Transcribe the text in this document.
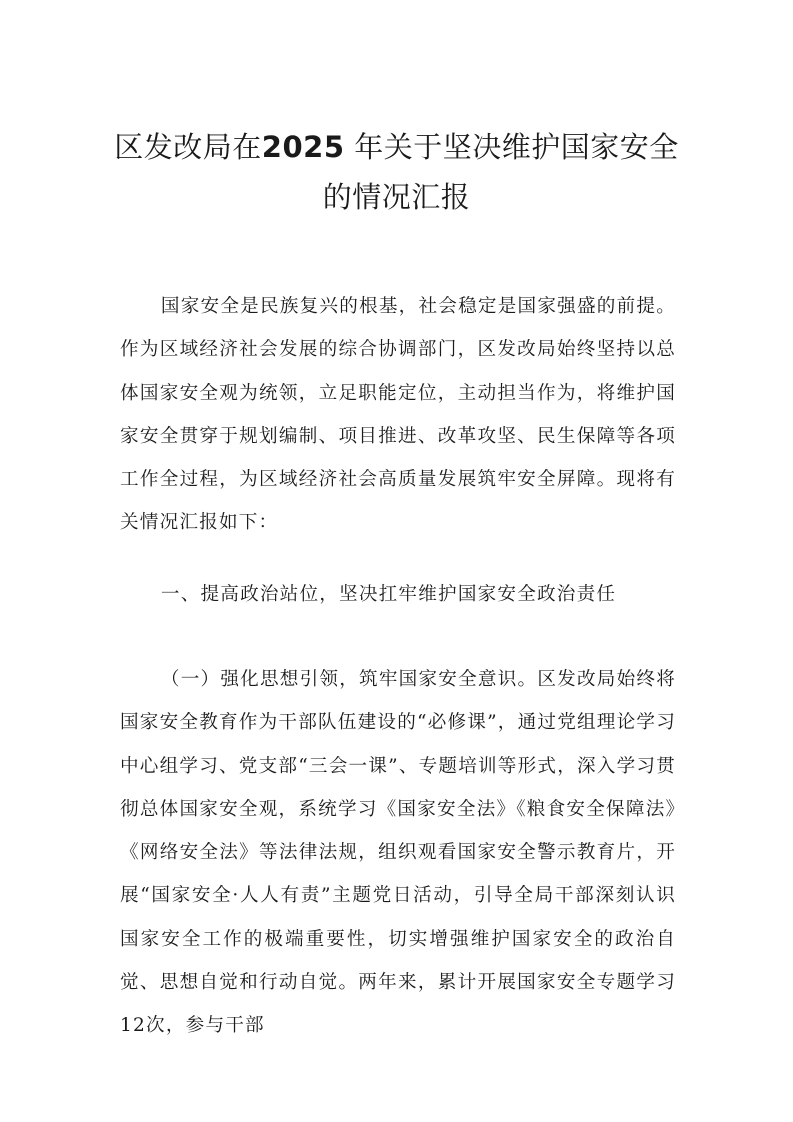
区发改局在2025 年关于坚决维护国家安全
的情况汇报

国家安全是民族复兴的根基，社会稳定是国家强盛的前提。作为区域经济社会发展的综合协调部门，区发改局始终坚持以总体国家安全观为统领，立足职能定位，主动担当作为，将维护国家安全贯穿于规划编制、项目推进、改革攻坚、民生保障等各项工作全过程，为区域经济社会高质量发展筑牢安全屏障。现将有关情况汇报如下：

一、提高政治站位，坚决扛牢维护国家安全政治责任

（一）强化思想引领，筑牢国家安全意识。区发改局始终将国家安全教育作为干部队伍建设的“必修课”，通过党组理论学习中心组学习、党支部“三会一课”、专题培训等形式，深入学习贯彻总体国家安全观，系统学习《国家安全法》《粮食安全保障法》《网络安全法》等法律法规，组织观看国家安全警示教育片，开展“国家安全·人人有责”主题党日活动，引导全局干部深刻认识国家安全工作的极端重要性，切实增强维护国家安全的政治自觉、思想自觉和行动自觉。两年来，累计开展国家安全专题学习12次，参与干部
